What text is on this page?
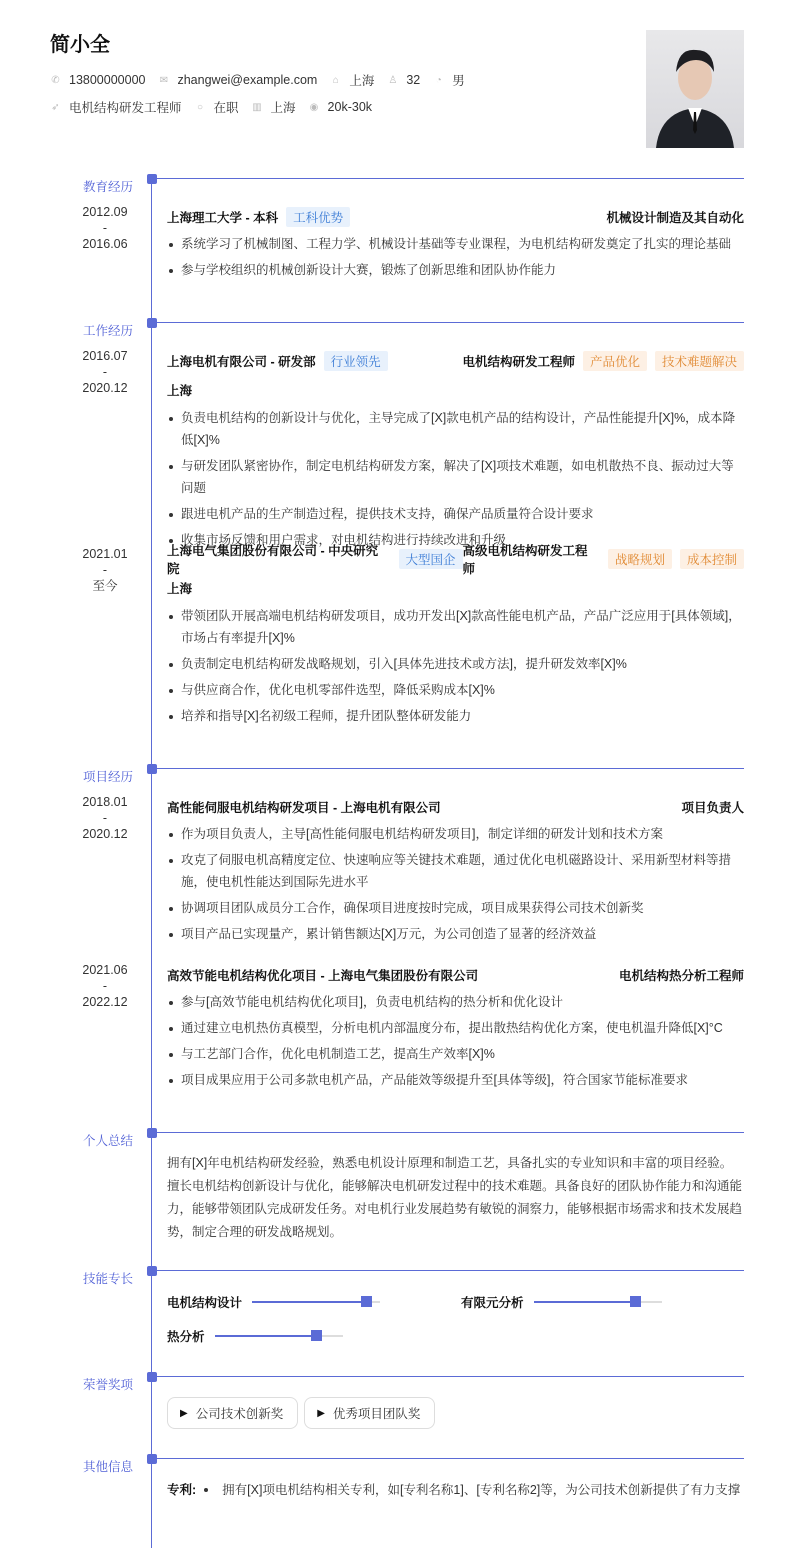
简小全
✆ 13800000000 ✉ zhangwei@example.com ⌂ 上海 ♙ 32 ◔ 男
➶ 电机结构研发工程师 ○ 在职 ▥ 上海 ◉ 20k-30k
教育经历
2012.09
-
2016.06
上海理工大学 - 本科	工科优势	机械设计制造及其自动化
系统学习了机械制图、工程力学、机械设计基础等专业课程，为电机结构研发奠定了扎实的理论基础
参与学校组织的机械创新设计大赛，锻炼了创新思维和团队协作能力
工作经历
2016.07
-
2020.12
上海电机有限公司 - 研发部	行业领先	电机结构研发工程师	产品优化	技术难题解决
上海
负责电机结构的创新设计与优化，主导完成了[X]款电机产品的结构设计，产品性能提升[X]%，成本降低[X]%
与研发团队紧密协作，制定电机结构研发方案，解决了[X]项技术难题，如电机散热不良、振动过大等问题
跟进电机产品的生产制造过程，提供技术支持，确保产品质量符合设计要求
收集市场反馈和用户需求，对电机结构进行持续改进和升级
2021.01
-
至今
上海电气集团股份有限公司 - 中央研究院
大型国企
高级电机结构研发工程师
战略规划	成本控制
上海
带领团队开展高端电机结构研发项目，成功开发出[X]款高性能电机产品，产品广泛应用于[具体领域]，市场占有率提升[X]%
负责制定电机结构研发战略规划，引入[具体先进技术或方法]，提升研发效率[X]%
与供应商合作，优化电机零部件选型，降低采购成本[X]%
培养和指导[X]名初级工程师，提升团队整体研发能力
项目经历
2018.01
-
2020.12
高性能伺服电机结构研发项目 - 上海电机有限公司	项目负责人
作为项目负责人，主导[高性能伺服电机结构研发项目]，制定详细的研发计划和技术方案
攻克了伺服电机高精度定位、快速响应等关键技术难题，通过优化电机磁路设计、采用新型材料等措施，使电机性能达到国际先进水平
协调项目团队成员分工合作，确保项目进度按时完成，项目成果获得公司技术创新奖
项目产品已实现量产，累计销售额达[X]万元，为公司创造了显著的经济效益
2021.06
-
2022.12
高效节能电机结构优化项目 - 上海电气集团股份有限公司	电机结构热分析工程师
参与[高效节能电机结构优化项目]，负责电机结构的热分析和优化设计
通过建立电机热仿真模型，分析电机内部温度分布，提出散热结构优化方案，使电机温升降低[X]°C
与工艺部门合作，优化电机制造工艺，提高生产效率[X]%
项目成果应用于公司多款电机产品，产品能效等级提升至[具体等级]，符合国家节能标准要求
个人总结
拥有[X]年电机结构研发经验，熟悉电机设计原理和制造工艺，具备扎实的专业知识和丰富的项目经验。擅长电机结构创新设计与优化，能够解决电机研发过程中的技术难题。具备良好的团队协作能力和沟通能力，能够带领团队完成研发任务。对电机行业发展趋势有敏锐的洞察力，能够根据市场需求和技术发展趋势，制定合理的研发战略规划。
技能专长
电机结构设计	有限元分析
热分析
荣誉奖项
▶ 公司技术创新奖	▶ 优秀项目团队奖
其他信息
专利:	拥有[X]项电机结构相关专利，如[专利名称1]、[专利名称2]等，为公司技术创新提供了有力支撑
